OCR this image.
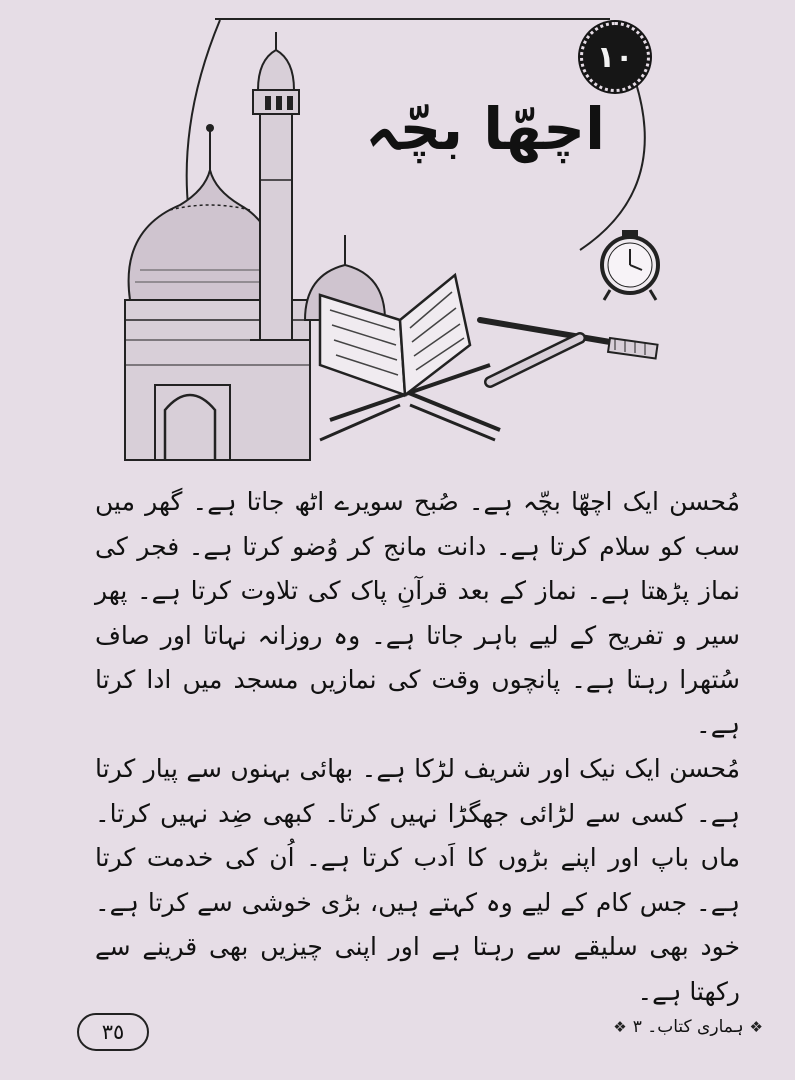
١٠
اچھّا بچّہ

مُحسن ایک اچھّا بچّہ ہے۔ صُبح سویرے اٹھ جاتا ہے۔ گھر میں سب کو سلام کرتا ہے۔ دانت مانج کر وُضو کرتا ہے۔ فجر کی نماز پڑھتا ہے۔ نماز کے بعد قرآنِ پاک کی تلاوت کرتا ہے۔ پھر سیر و تفریح کے لیے باہر جاتا ہے۔ وہ روزانہ نہاتا اور صاف سُتھرا رہتا ہے۔ پانچوں وقت کی نمازیں مسجد میں ادا کرتا ہے۔

مُحسن ایک نیک اور شریف لڑکا ہے۔ بھائی بہنوں سے پیار کرتا ہے۔ کسی سے لڑائی جھگڑا نہیں کرتا۔ کبھی ضِد نہیں کرتا۔ ماں باپ اور اپنے بڑوں کا اَدب کرتا ہے۔ اُن کی خدمت کرتا ہے۔ جس کام کے لیے وہ کہتے ہیں، بڑی خوشی سے کرتا ہے۔ خود بھی سلیقے سے رہتا ہے اور اپنی چیزیں بھی قرینے سے رکھتا ہے۔

٣٥	❖
ہماری کتاب۔ ٣
❖
